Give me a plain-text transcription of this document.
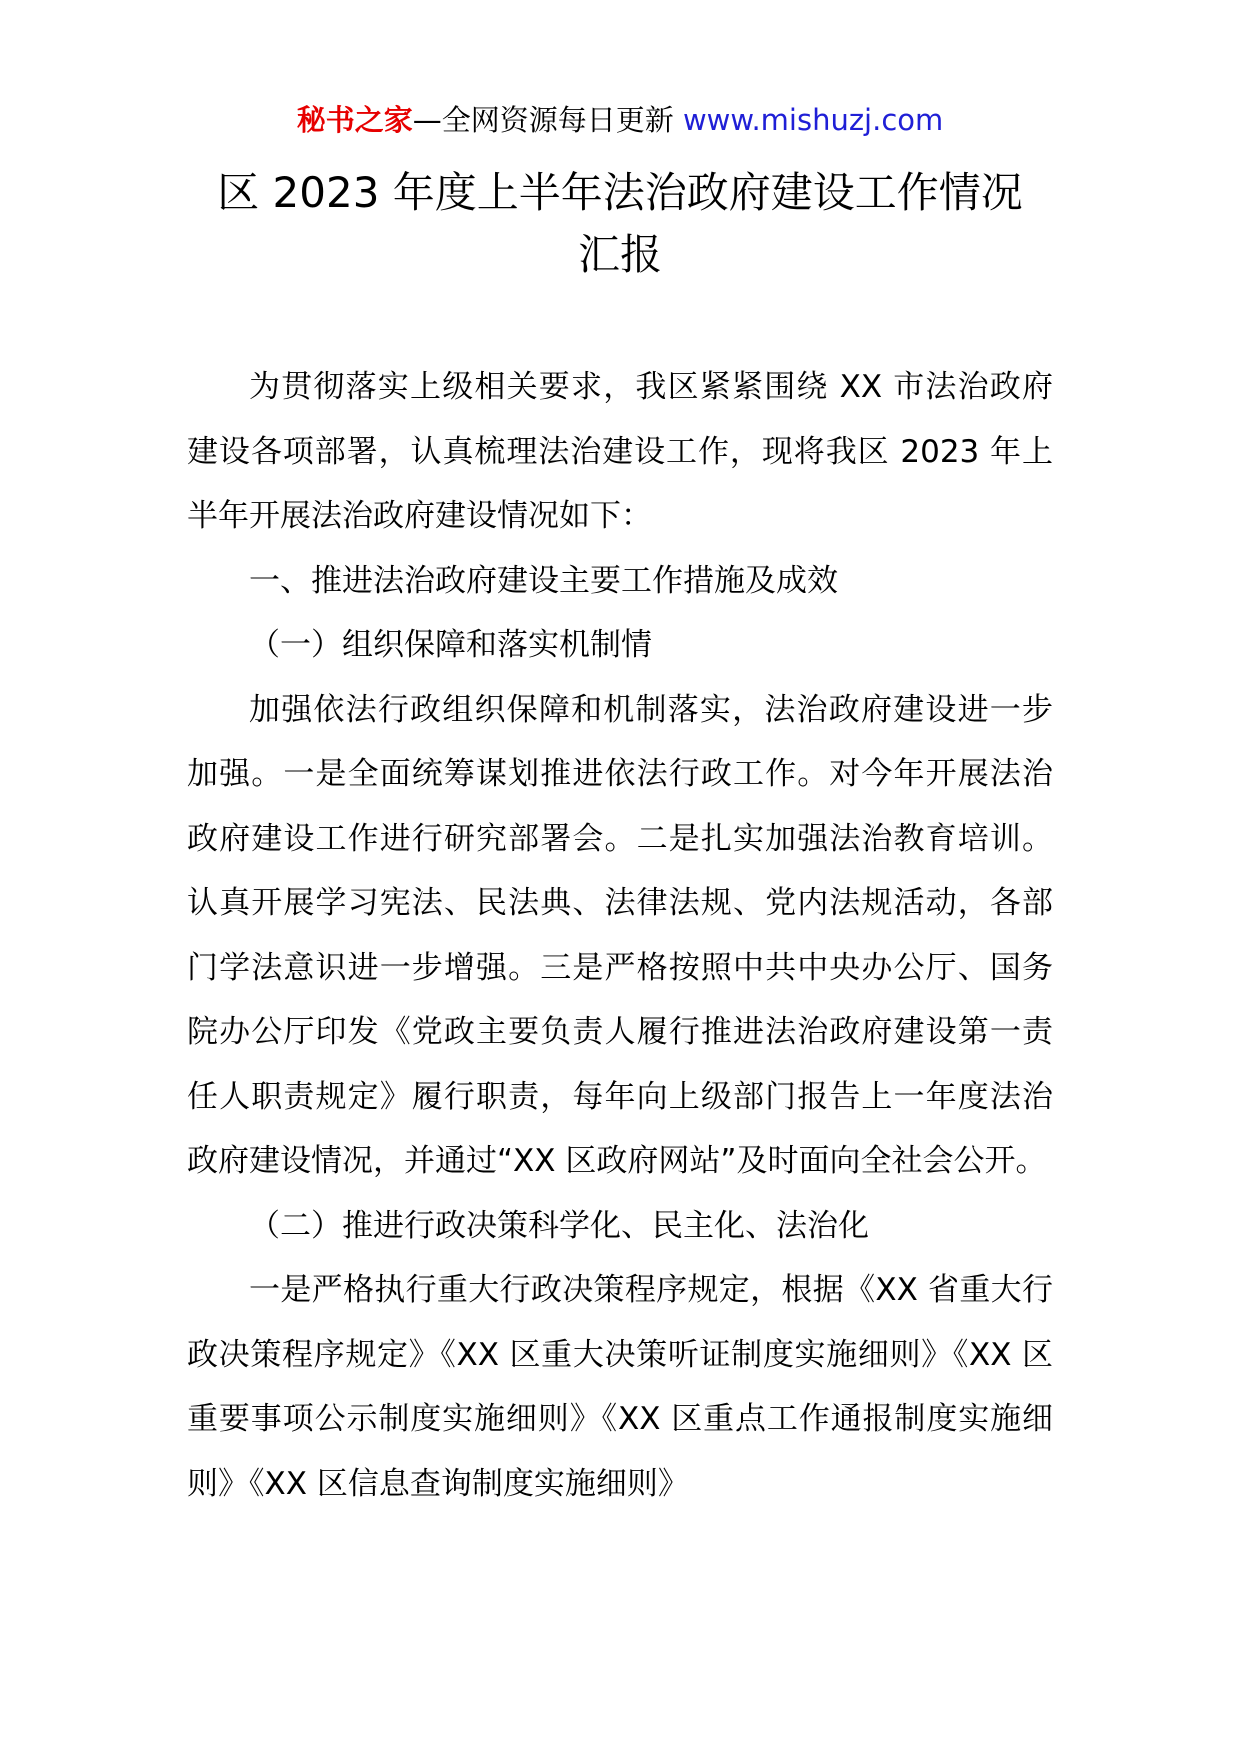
秘书之家—全网资源每日更新 www.mishuzj.com
区 2023 年度上半年法治政府建设工作情况
汇报

为贯彻落实上级相关要求，我区紧紧围绕 XX 市法治政府建设各项部署，认真梳理法治建设工作，现将我区 2023 年上半年开展法治政府建设情况如下：

一、推进法治政府建设主要工作措施及成效

（一）组织保障和落实机制情

加强依法行政组织保障和机制落实，法治政府建设进一步加强。一是全面统筹谋划推进依法行政工作。对今年开展法治政府建设工作进行研究部署会。二是扎实加强法治教育培训。认真开展学习宪法、民法典、法律法规、党内法规活动，各部门学法意识进一步增强。三是严格按照中共中央办公厅、国务院办公厅印发《党政主要负责人履行推进法治政府建设第一责任人职责规定》履行职责，每年向上级部门报告上一年度法治政府建设情况，并通过“XX 区政府网站”及时面向全社会公开。

（二）推进行政决策科学化、民主化、法治化

一是严格执行重大行政决策程序规定，根据《XX 省重大行政决策程序规定》《XX 区重大决策听证制度实施细则》《XX 区重要事项公示制度实施细则》《XX 区重点工作通报制度实施细则》《XX 区信息查询制度实施细则》
